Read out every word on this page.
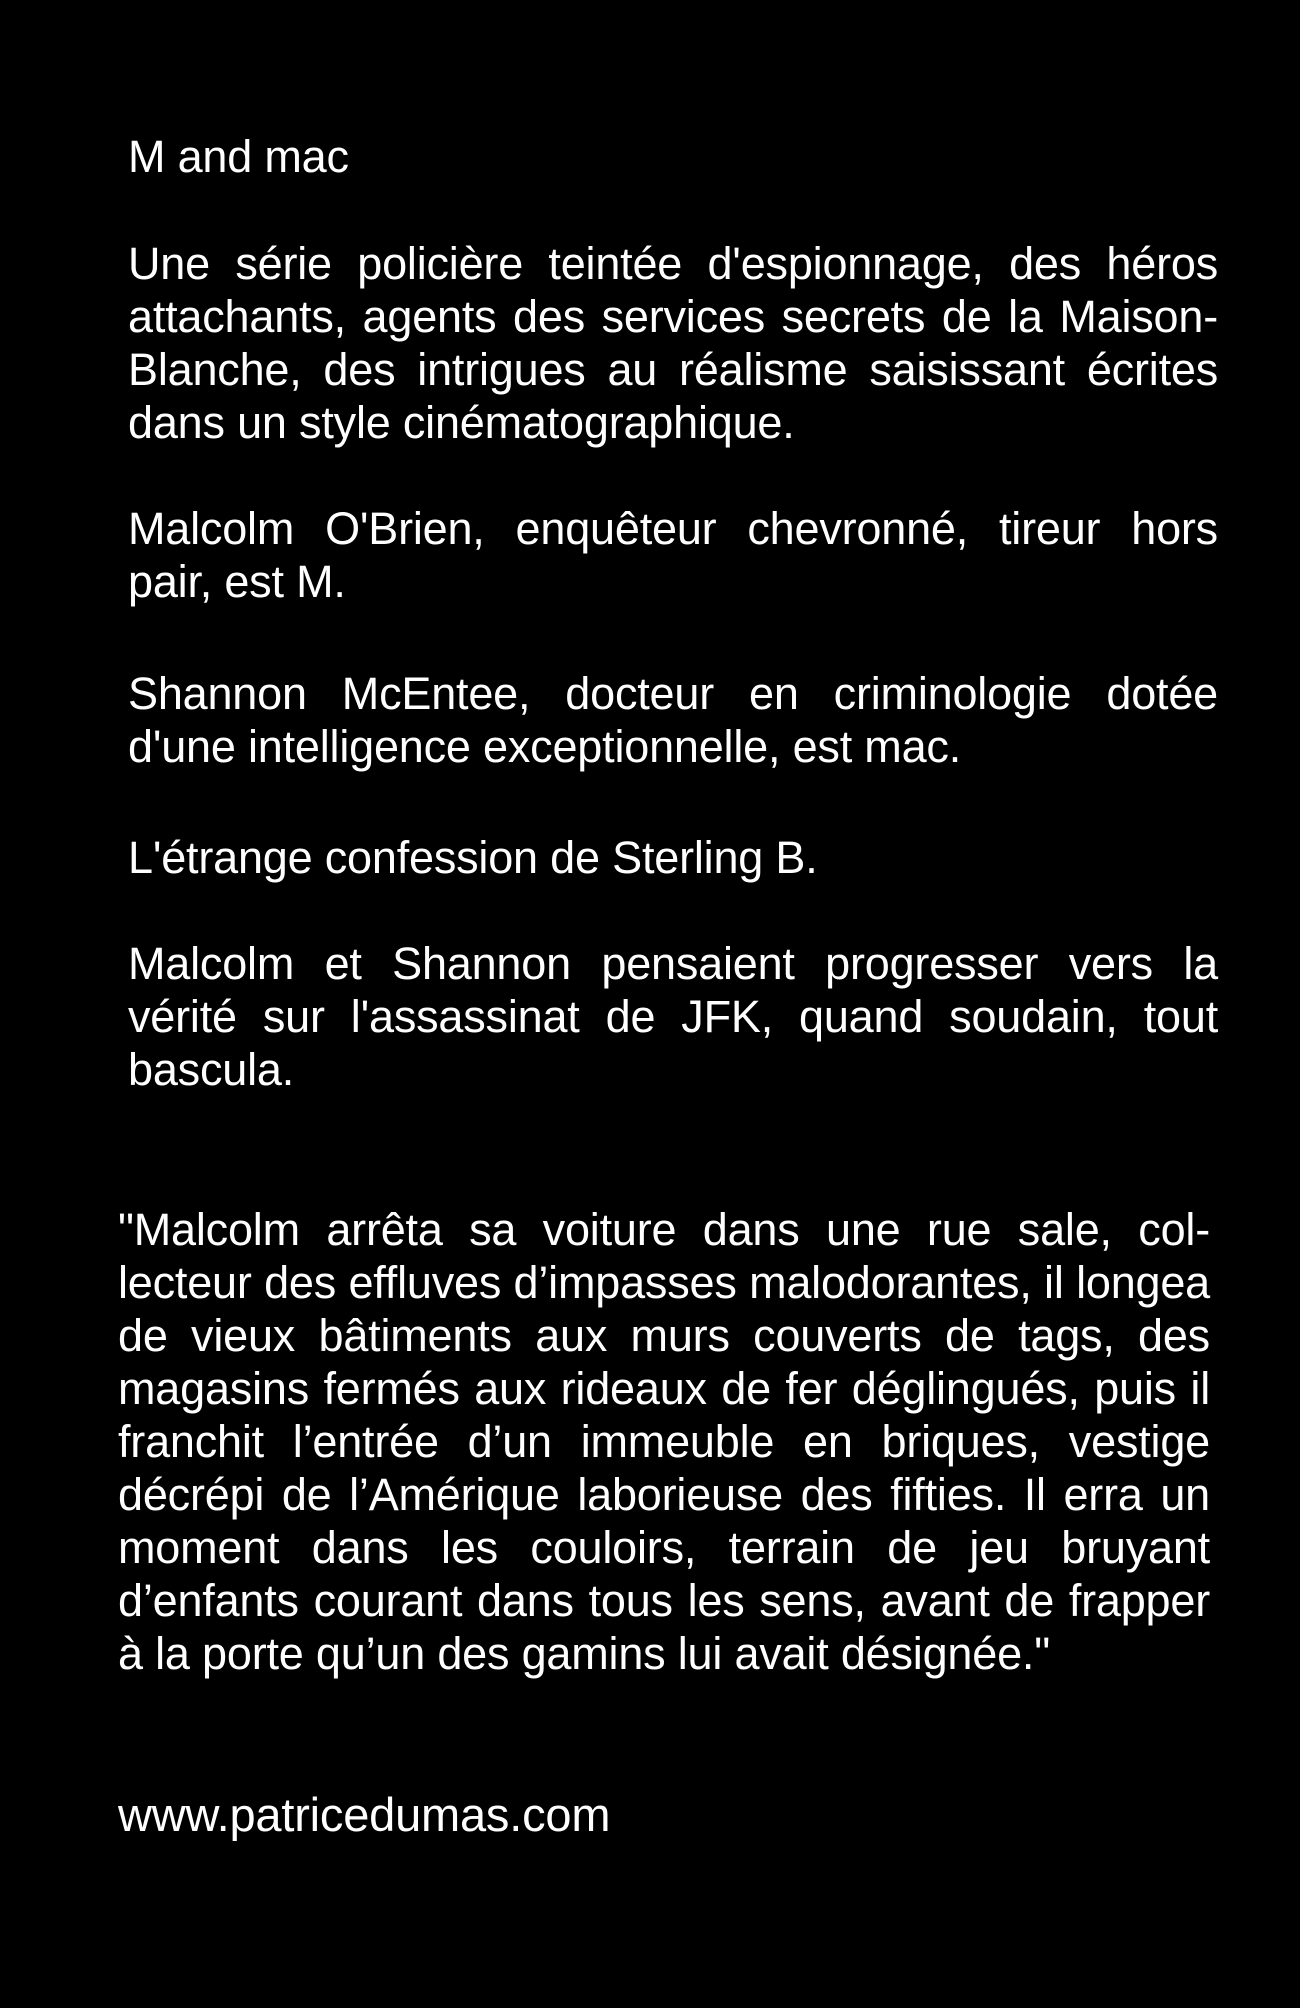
M and mac

Une série policière teintée d'espionnage, des héros attachants, agents des services secrets de la Maison-Blanche, des intrigues au réalisme saisissant écrites dans un style cinématographique.

Malcolm O'Brien, enquêteur chevronné, tireur hors pair, est M.

Shannon McEntee, docteur en criminologie dotée d'une intelligence exceptionnelle, est mac.

L'étrange confession de Sterling B.

Malcolm et Shannon pensaient progresser vers la vérité sur l'assassinat de JFK, quand soudain, tout bascula.

"Malcolm arrêta sa voiture dans une rue sale, col-lecteur des effluves d’impasses malodorantes, il longea de vieux bâtiments aux murs couverts de tags, des magasins fermés aux rideaux de fer déglingués, puis il franchit l’entrée d’un immeuble en briques, vestige décrépi de l’Amérique laborieuse des fifties. Il erra un moment dans les couloirs, terrain de jeu bruyant d’enfants courant dans tous les sens, avant de frapper à la porte qu’un des gamins lui avait désignée."

www.patricedumas.com
